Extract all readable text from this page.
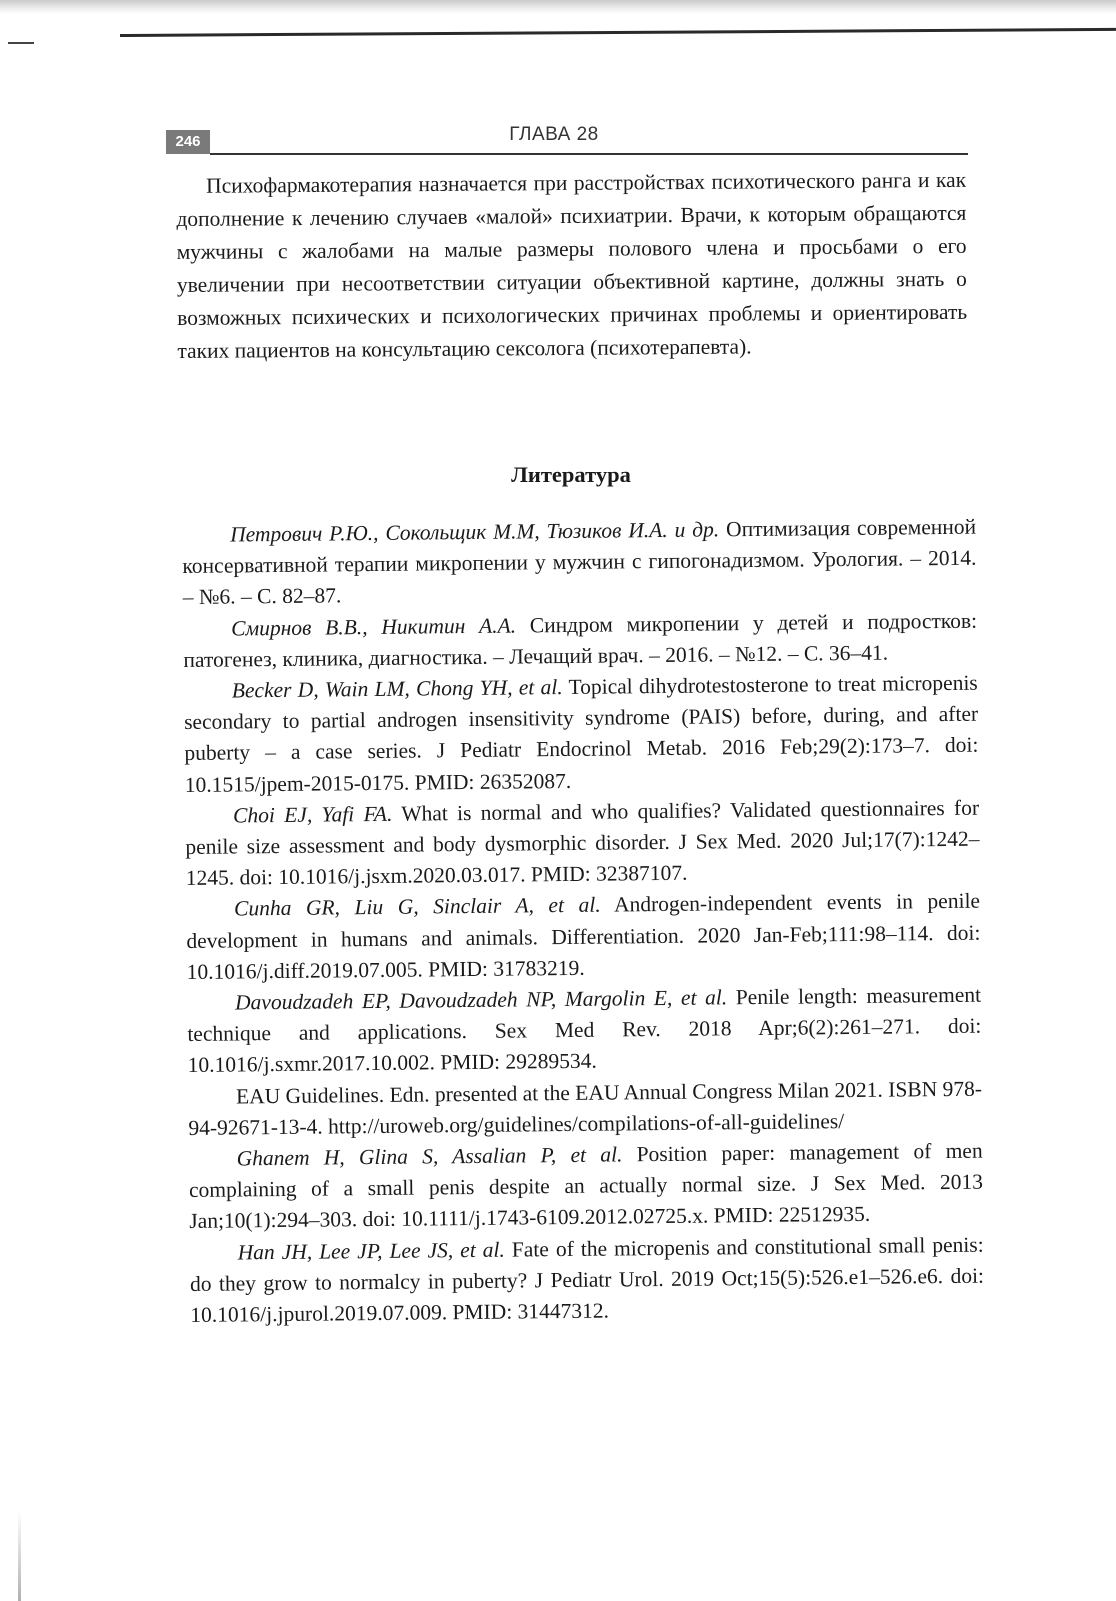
246	ГЛАВА 28

Психофармакотерапия назначается при расстройствах психотического ранга и как дополнение к лечению случаев «малой» психиатрии. Врачи, к которым обращаются мужчины с жалобами на малые размеры полового члена и просьбами о его увеличении при несоответствии ситуации объективной картине, должны знать о возможных психических и психологических причинах проблемы и ориентировать таких пациентов на консультацию сексолога (психотерапевта).

Литература

Петрович Р.Ю., Сокольщик М.М, Тюзиков И.А. и др. Оптимизация современной консервативной терапии микропении у мужчин с гипогонадизмом. Урология. – 2014. – №6. – С. 82–87.

Смирнов В.В., Никитин А.А. Синдром микропении у детей и подростков: патогенез, клиника, диагностика. – Лечащий врач. – 2016. – №12. – С. 36–41.

Becker D, Wain LM, Chong YH, et al. Topical dihydrotestosterone to treat micropenis secondary to partial androgen insensitivity syndrome (PAIS) before, during, and after puberty – a case series. J Pediatr Endocrinol Metab. 2016 Feb;29(2):173–7. doi: 10.1515/jpem-2015-0175. PMID: 26352087.

Choi EJ, Yafi FA. What is normal and who qualifies? Validated questionnaires for penile size assessment and body dysmorphic disorder. J Sex Med. 2020 Jul;17(7):1242–1245. doi: 10.1016/j.jsxm.2020.03.017. PMID: 32387107.

Cunha GR, Liu G, Sinclair A, et al. Androgen-independent events in penile development in humans and animals. Differentiation. 2020 Jan-Feb;111:98–114. doi: 10.1016/j.diff.2019.07.005. PMID: 31783219.

Davoudzadeh EP, Davoudzadeh NP, Margolin E, et al. Penile length: measurement technique and applications. Sex Med Rev. 2018 Apr;6(2):261–271. doi: 10.1016/j.sxmr.2017.10.002. PMID: 29289534.

EAU Guidelines. Edn. presented at the EAU Annual Congress Milan 2021. ISBN 978-94-92671-13-4. http://uroweb.org/guidelines/compilations-of-all-guidelines/

Ghanem H, Glina S, Assalian P, et al. Position paper: management of men complaining of a small penis despite an actually normal size. J Sex Med. 2013 Jan;10(1):294–303. doi: 10.1111/j.1743-6109.2012.02725.x. PMID: 22512935.

Han JH, Lee JP, Lee JS, et al. Fate of the micropenis and constitutional small penis: do they grow to normalcy in puberty? J Pediatr Urol. 2019 Oct;15(5):526.e1–526.e6. doi: 10.1016/j.jpurol.2019.07.009. PMID: 31447312.
